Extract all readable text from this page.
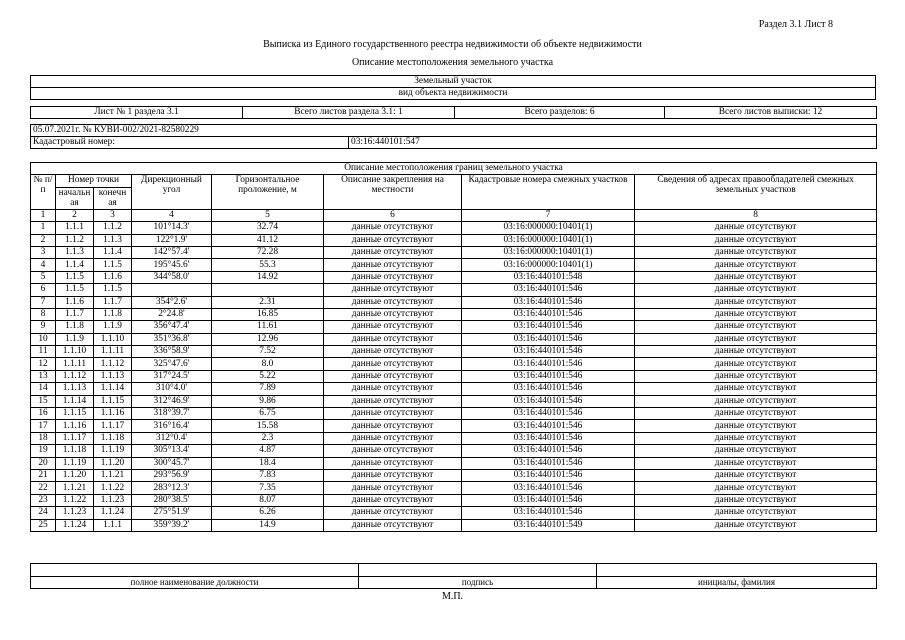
Раздел 3.1 Лист 8
Выписка из Единого государственного реестра недвижимости об объекте недвижимости
Описание местоположения земельного участка
Земельный участок
вид объекта недвижимости
Лист № 1 раздела 3.1	Всего листов раздела 3.1: 1	Всего разделов: 6	Всего листов выписки: 12
05.07.2021г. № КУВИ-002/2021-82580229
Кадастровый номер:	03:16:440101:547
Описание местоположения границ земельного участка							
№ п/п	Номер точки		Дирекционный угол	Горизонтальное проложение, м	Описание закрепления на местности	Кадастровые номера смежных участков	Сведения об адресах правообладателей смежных земельных участков
	начальн ая	конечн ая					
1	2	3	4	5	6	7	8
1	1.1.1	1.1.2	101°14.3'	32.74	данные отсутствуют	03:16:000000:10401(1)	данные отсутствуют
2	1.1.2	1.1.3	122°1.9'	41.12	данные отсутствуют	03:16:000000:10401(1)	данные отсутствуют
3	1.1.3	1.1.4	142°57.4'	72.28	данные отсутствуют	03:16:000000:10401(1)	данные отсутствуют
4	1.1.4	1.1.5	195°45.6'	55.3	данные отсутствуют	03:16:000000:10401(1)	данные отсутствуют
5	1.1.5	1.1.6	344°58.0'	14.92	данные отсутствуют	03:16:440101:548	данные отсутствуют
6	1.1.5	1.1.5			данные отсутствуют	03:16:440101:546	данные отсутствуют
7	1.1.6	1.1.7	354°2.6'	2.31	данные отсутствуют	03:16:440101:546	данные отсутствуют
8	1.1.7	1.1.8	2°24.8'	16.85	данные отсутствуют	03:16:440101:546	данные отсутствуют
9	1.1.8	1.1.9	356°47.4'	11.61	данные отсутствуют	03:16:440101:546	данные отсутствуют
10	1.1.9	1.1.10	351°36.8'	12.96	данные отсутствуют	03:16:440101:546	данные отсутствуют
11	1.1.10	1.1.11	336°58.9'	7.52	данные отсутствуют	03:16:440101:546	данные отсутствуют
12	1.1.11	1.1.12	325°47.6'	8.0	данные отсутствуют	03:16:440101:546	данные отсутствуют
13	1.1.12	1.1.13	317°24.5'	5.22	данные отсутствуют	03:16:440101:546	данные отсутствуют
14	1.1.13	1.1.14	310°4.0'	7.89	данные отсутствуют	03:16:440101:546	данные отсутствуют
15	1.1.14	1.1.15	312°46.9'	9.86	данные отсутствуют	03:16:440101:546	данные отсутствуют
16	1.1.15	1.1.16	318°39.7'	6.75	данные отсутствуют	03:16:440101:546	данные отсутствуют
17	1.1.16	1.1.17	316°16.4'	15.58	данные отсутствуют	03:16:440101:546	данные отсутствуют
18	1.1.17	1.1.18	312°0.4'	2.3	данные отсутствуют	03:16:440101:546	данные отсутствуют
19	1.1.18	1.1.19	305°13.4'	4.87	данные отсутствуют	03:16:440101:546	данные отсутствуют
20	1.1.19	1.1.20	300°45.7'	18.4	данные отсутствуют	03:16:440101:546	данные отсутствуют
21	1.1.20	1.1.21	293°56.9'	7.83	данные отсутствуют	03:16:440101:546	данные отсутствуют
22	1.1.21	1.1.22	283°12.3'	7.35	данные отсутствуют	03:16:440101:546	данные отсутствуют
23	1.1.22	1.1.23	280°38.5'	8.07	данные отсутствуют	03:16:440101:546	данные отсутствуют
24	1.1.23	1.1.24	275°51.9'	6.26	данные отсутствуют	03:16:440101:546	данные отсутствуют
25	1.1.24	1.1.1	359°39.2'	14.9	данные отсутствуют	03:16:440101:549	данные отсутствуют

полное наименование должности	подпись	инициалы, фамилия
М.П.
